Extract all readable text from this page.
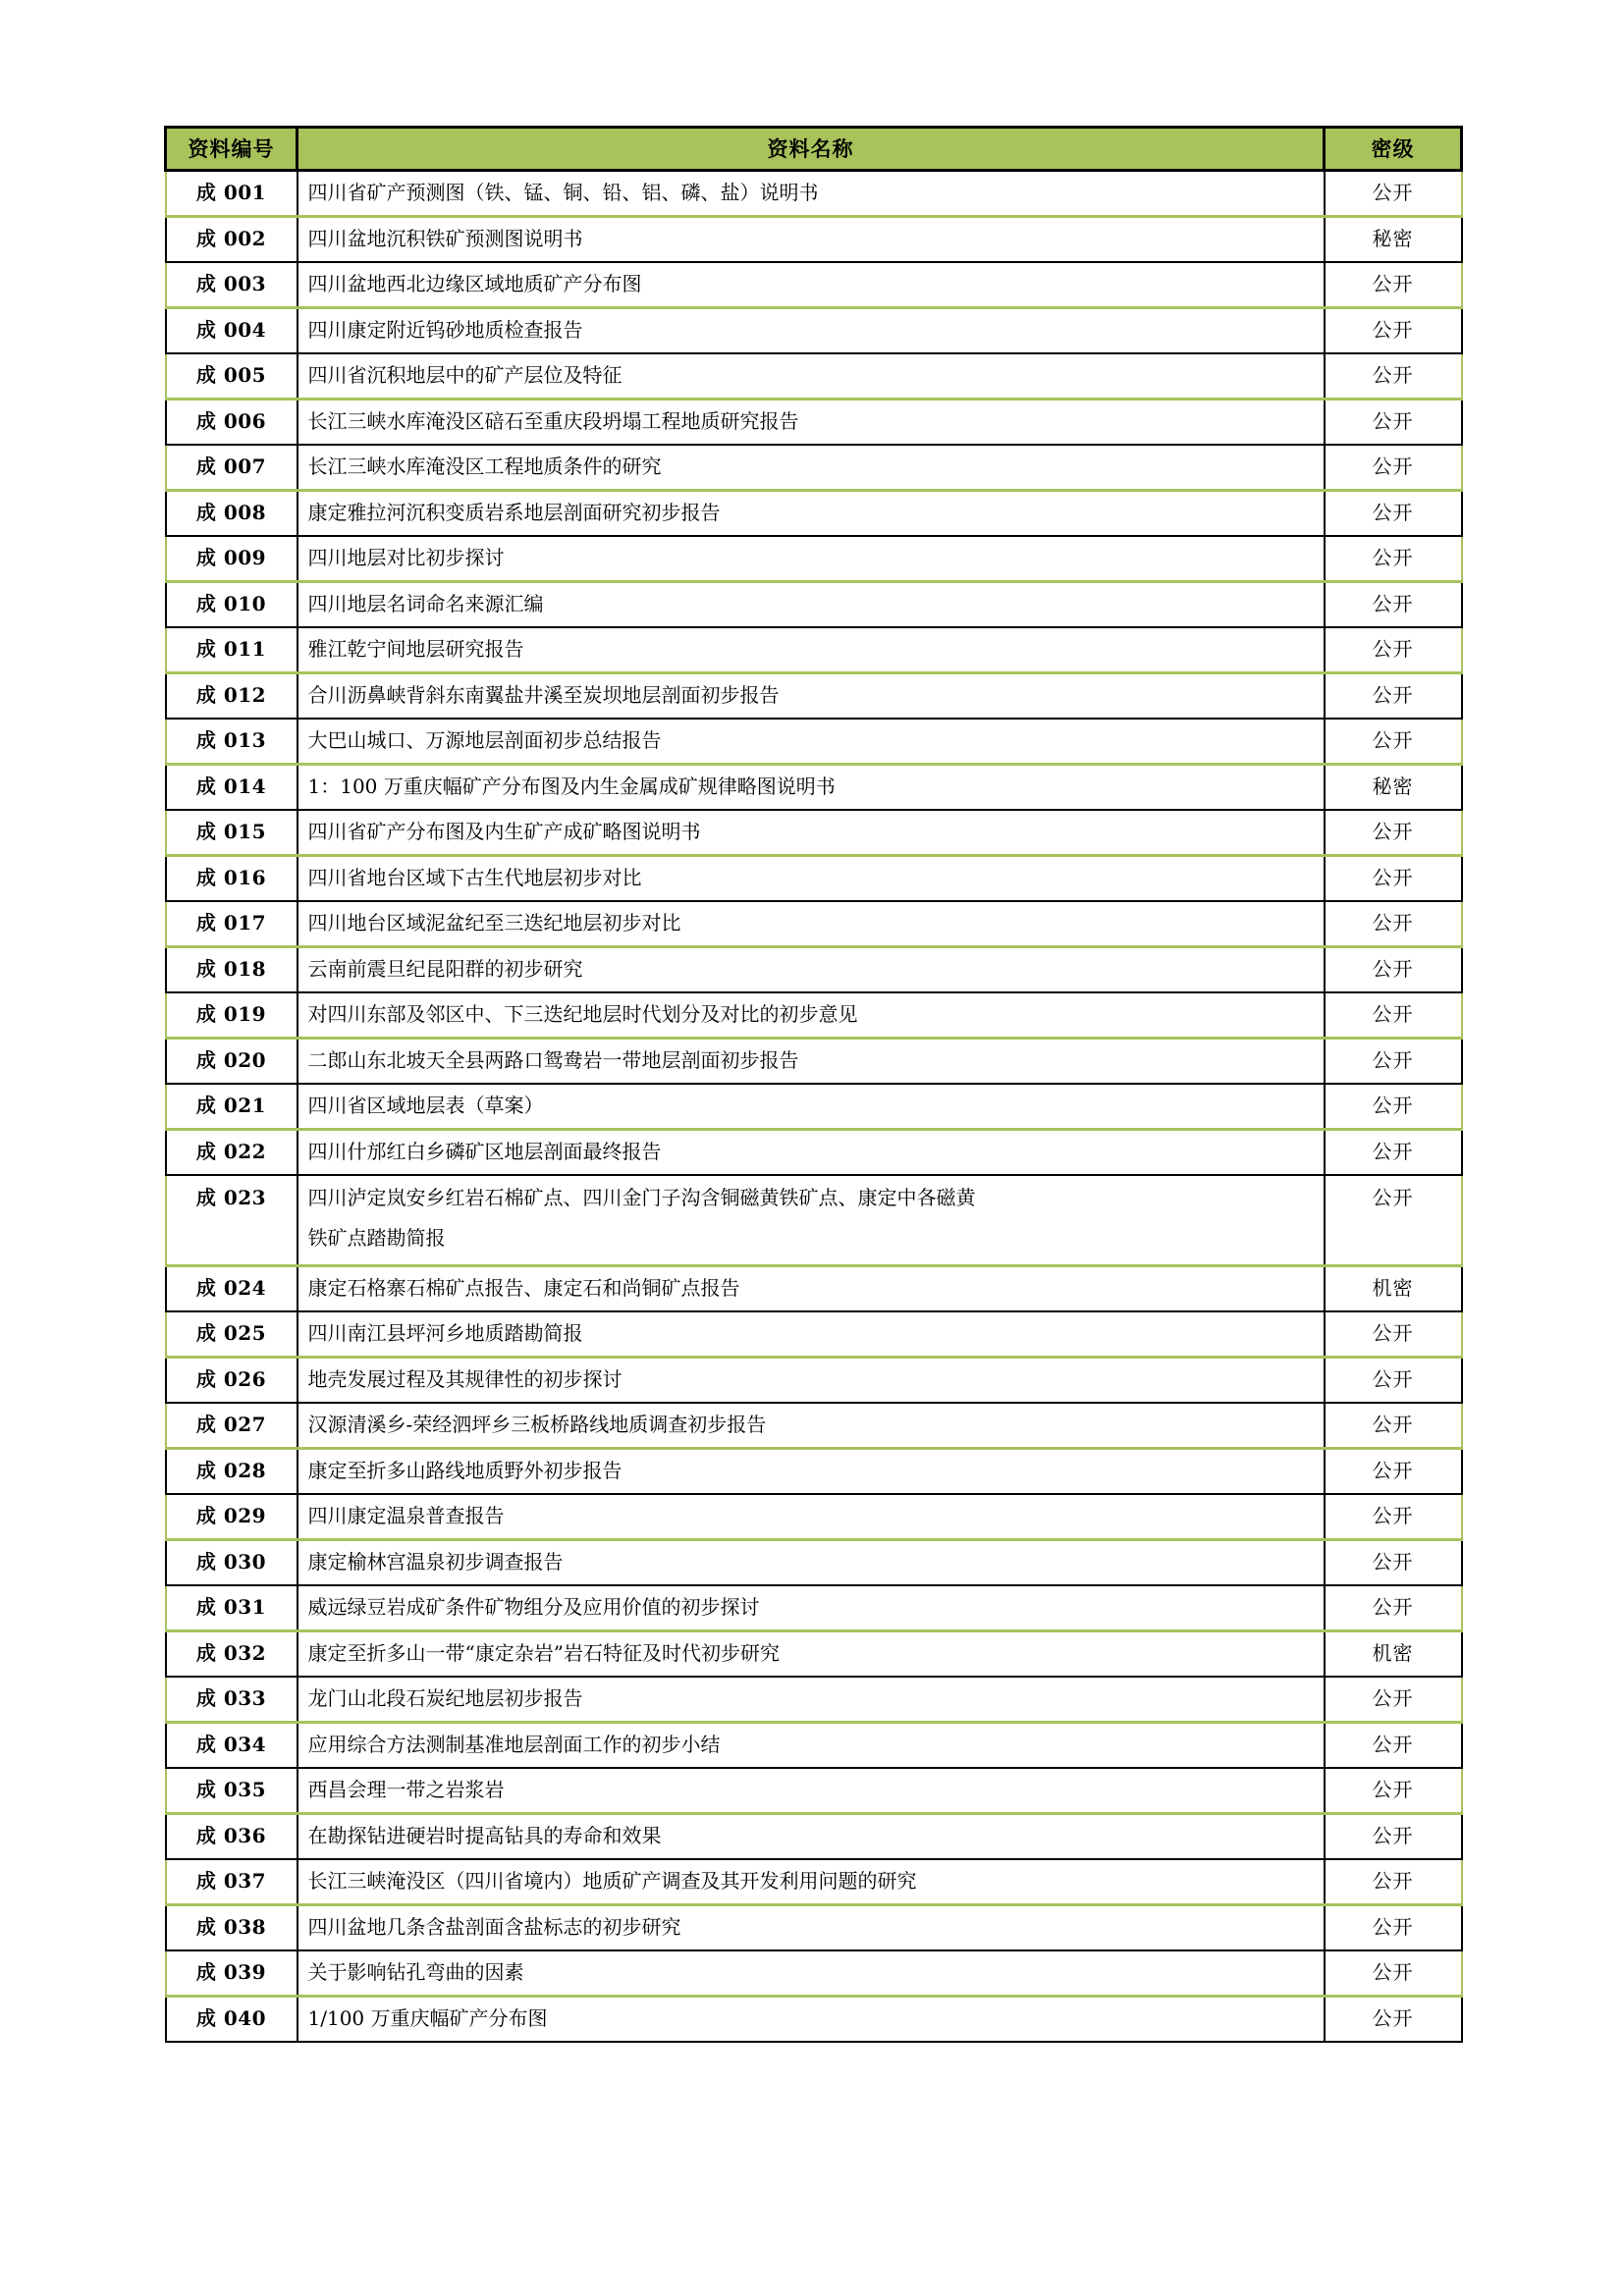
资料编号	资料名称	密级
成 001	四川省矿产预测图（铁、锰、铜、铅、铝、磷、盐）说明书	公开
成 002	四川盆地沉积铁矿预测图说明书	秘密
成 003	四川盆地西北边缘区域地质矿产分布图	公开
成 004	四川康定附近钨砂地质检查报告	公开
成 005	四川省沉积地层中的矿产层位及特征	公开
成 006	长江三峡水库淹没区碚石至重庆段坍塌工程地质研究报告	公开
成 007	长江三峡水库淹没区工程地质条件的研究	公开
成 008	康定雅拉河沉积变质岩系地层剖面研究初步报告	公开
成 009	四川地层对比初步探讨	公开
成 010	四川地层名词命名来源汇编	公开
成 011	雅江乾宁间地层研究报告	公开
成 012	合川沥鼻峡背斜东南翼盐井溪至炭坝地层剖面初步报告	公开
成 013	大巴山城口、万源地层剖面初步总结报告	公开
成 014	1：100 万重庆幅矿产分布图及内生金属成矿规律略图说明书	秘密
成 015	四川省矿产分布图及内生矿产成矿略图说明书	公开
成 016	四川省地台区域下古生代地层初步对比	公开
成 017	四川地台区域泥盆纪至三迭纪地层初步对比	公开
成 018	云南前震旦纪昆阳群的初步研究	公开
成 019	对四川东部及邻区中、下三迭纪地层时代划分及对比的初步意见	公开
成 020	二郎山东北坡天全县两路口鸳鸯岩一带地层剖面初步报告	公开
成 021	四川省区域地层表（草案）	公开
成 022	四川什邡红白乡磷矿区地层剖面最终报告	公开
成 023	四川泸定岚安乡红岩石棉矿点、四川金门子沟含铜磁黄铁矿点、康定中各磁黄
铁矿点踏勘简报	公开
成 024	康定石格寨石棉矿点报告、康定石和尚铜矿点报告	机密
成 025	四川南江县坪河乡地质踏勘简报	公开
成 026	地壳发展过程及其规律性的初步探讨	公开
成 027	汉源清溪乡-荣经泗坪乡三板桥路线地质调查初步报告	公开
成 028	康定至折多山路线地质野外初步报告	公开
成 029	四川康定温泉普查报告	公开
成 030	康定榆林宫温泉初步调查报告	公开
成 031	威远绿豆岩成矿条件矿物组分及应用价值的初步探讨	公开
成 032	康定至折多山一带“康定杂岩”岩石特征及时代初步研究	机密
成 033	龙门山北段石炭纪地层初步报告	公开
成 034	应用综合方法测制基准地层剖面工作的初步小结	公开
成 035	西昌会理一带之岩浆岩	公开
成 036	在勘探钻进硬岩时提高钻具的寿命和效果	公开
成 037	长江三峡淹没区（四川省境内）地质矿产调查及其开发利用问题的研究	公开
成 038	四川盆地几条含盐剖面含盐标志的初步研究	公开
成 039	关于影响钻孔弯曲的因素	公开
成 040	1/100 万重庆幅矿产分布图	公开
